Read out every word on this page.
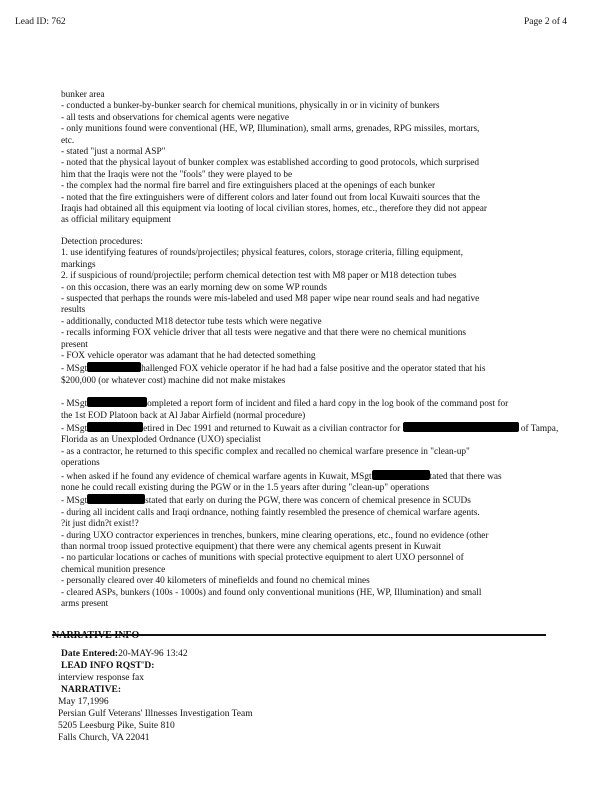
Lead ID: 762	Page 2 of 4
bunker area
- conducted a bunker-by-bunker search for chemical munitions, physically in or in vicinity of bunkers
- all tests and observations for chemical agents were negative
- only munitions found were conventional (HE, WP, Illumination), small arms, grenades, RPG missiles, mortars,
etc.
- stated "just a normal ASP"
- noted that the physical layout of bunker complex was established according to good protocols, which surprised
him that the Iraqis were not the "fools" they were played to be
- the complex had the normal fire barrel and fire extinguishers placed at the openings of each bunker
- noted that the fire extinguishers were of different colors and later found out from local Kuwaiti sources that the
Iraqis had obtained all this equipment via looting of local civilian stores, homes, etc., therefore they did not appear
as official military equipment
Detection procedures:
1. use identifying features of rounds/projectiles; physical features, colors, storage criteria, filling equipment,
markings
2. if suspicious of round/projectile; perform chemical detection test with M8 paper or M18 detection tubes
- on this occasion, there was an early morning dew on some WP rounds
- suspected that perhaps the rounds were mis-labeled and used M8 paper wipe near round seals and had negative
results
- additionally, conducted M18 detector tube tests which were negative
- recalls informing FOX vehicle driver that all tests were negative and that there were no chemical munitions
present
- FOX vehicle operator was adamant that he had detected something
- MSgt	hallenged FOX vehicle operator if he had had a false positive and the operator stated that his
$200,000 (or whatever cost) machine did not make mistakes
- MSgt	ompleted a report form of incident and filed a hard copy in the log book of the command post for
the 1st EOD Platoon back at Al Jabar Airfield (normal procedure)
- MSgt	etired in Dec 1991 and returned to Kuwait as a civilian contractor for	of Tampa,
Florida as an Unexploded Ordnance (UXO) specialist
- as a contractor, he returned to this specific complex and recalled no chemical warfare presence in "clean-up"
operations
- when asked if he found any evidence of chemical warfare agents in Kuwait, MSgt	tated that there was
none he could recall existing during the PGW or in the 1.5 years after during "clean-up" operations
- MSgt	stated that early on during the PGW, there was concern of chemical presence in SCUDs
- during all incident calls and Iraqi ordnance, nothing faintly resembled the presence of chemical warfare agents.
?it just didn?t exist!?
- during UXO contractor experiences in trenches, bunkers, mine clearing operations, etc., found no evidence (other
than normal troop issued protective equipment) that there were any chemical agents present in Kuwait
- no particular locations or caches of munitions with special protective equipment to alert UXO personnel of
chemical munition presence
- personally cleared over 40 kilometers of minefields and found no chemical mines
- cleared ASPs, bunkers (100s - 1000s) and found only conventional munitions (HE, WP, Illumination) and small
arms present
Date Entered:20-MAY-96 13:42
LEAD INFO RQST'D:
interview response fax
NARRATIVE:
May 17,1996
Persian Gulf Veterans' Illnesses Investigation Team
5205 Leesburg Pike, Suite 810
Falls Church, VA 22041
